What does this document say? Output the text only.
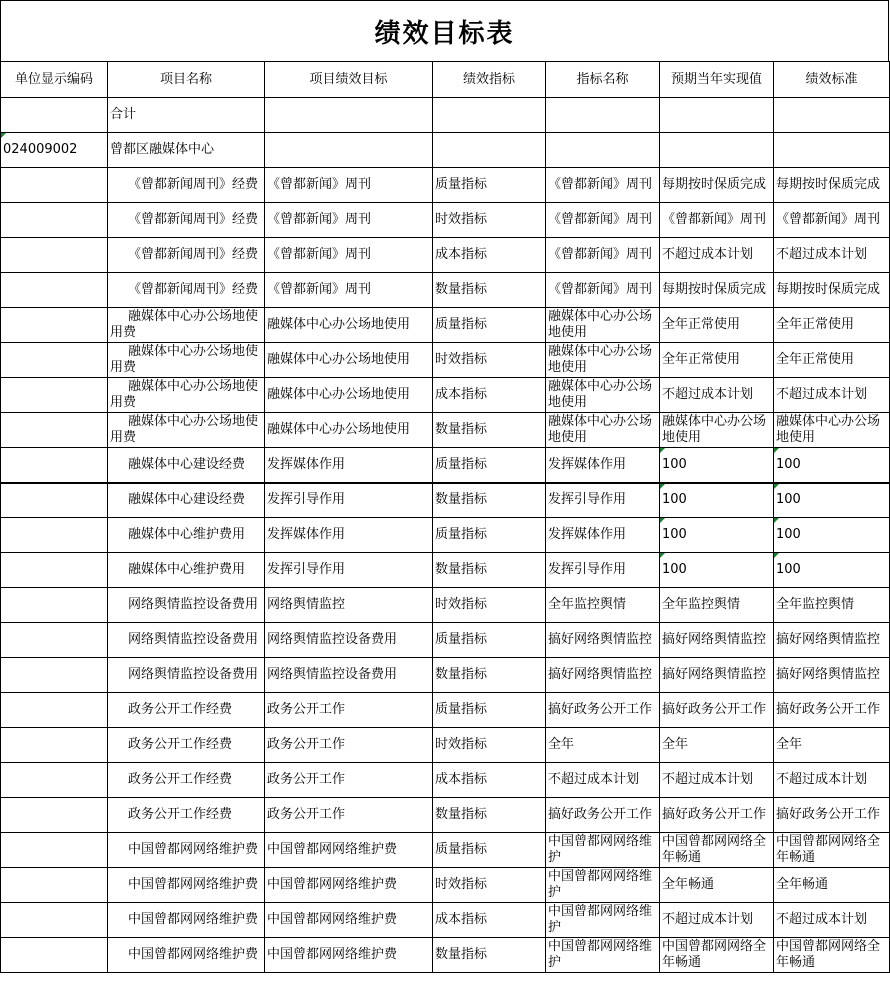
绩效目标表
单位显示编码	项目名称	项目绩效目标	绩效指标	指标名称	预期当年实现值	绩效标准
	合计					
024009002	曾都区融媒体中心					
	《曾都新闻周刊》经费	《曾都新闻》周刊	质量指标	《曾都新闻》周刊	每期按时保质完成	每期按时保质完成
	《曾都新闻周刊》经费	《曾都新闻》周刊	时效指标	《曾都新闻》周刊	《曾都新闻》周刊	《曾都新闻》周刊
	《曾都新闻周刊》经费	《曾都新闻》周刊	成本指标	《曾都新闻》周刊	不超过成本计划	不超过成本计划
	《曾都新闻周刊》经费	《曾都新闻》周刊	数量指标	《曾都新闻》周刊	每期按时保质完成	每期按时保质完成
	融媒体中心办公场地使用费	融媒体中心办公场地使用	质量指标	融媒体中心办公场地使用	全年正常使用	全年正常使用
	融媒体中心办公场地使用费	融媒体中心办公场地使用	时效指标	融媒体中心办公场地使用	全年正常使用	全年正常使用
	融媒体中心办公场地使用费	融媒体中心办公场地使用	成本指标	融媒体中心办公场地使用	不超过成本计划	不超过成本计划
	融媒体中心办公场地使用费	融媒体中心办公场地使用	数量指标	融媒体中心办公场地使用	融媒体中心办公场地使用	融媒体中心办公场地使用
	融媒体中心建设经费	发挥媒体作用	质量指标	发挥媒体作用	100	100
	融媒体中心建设经费	发挥引导作用	数量指标	发挥引导作用	100	100
	融媒体中心维护费用	发挥媒体作用	质量指标	发挥媒体作用	100	100
	融媒体中心维护费用	发挥引导作用	数量指标	发挥引导作用	100	100
	网络舆情监控设备费用	网络舆情监控	时效指标	全年监控舆情	全年监控舆情	全年监控舆情
	网络舆情监控设备费用	网络舆情监控设备费用	质量指标	搞好网络舆情监控	搞好网络舆情监控	搞好网络舆情监控
	网络舆情监控设备费用	网络舆情监控设备费用	数量指标	搞好网络舆情监控	搞好网络舆情监控	搞好网络舆情监控
	政务公开工作经费	政务公开工作	质量指标	搞好政务公开工作	搞好政务公开工作	搞好政务公开工作
	政务公开工作经费	政务公开工作	时效指标	全年	全年	全年
	政务公开工作经费	政务公开工作	成本指标	不超过成本计划	不超过成本计划	不超过成本计划
	政务公开工作经费	政务公开工作	数量指标	搞好政务公开工作	搞好政务公开工作	搞好政务公开工作
	中国曾都网网络维护费	中国曾都网网络维护费	质量指标	中国曾都网网络维护	中国曾都网网络全年畅通	中国曾都网网络全年畅通
	中国曾都网网络维护费	中国曾都网网络维护费	时效指标	中国曾都网网络维护	全年畅通	全年畅通
	中国曾都网网络维护费	中国曾都网网络维护费	成本指标	中国曾都网网络维护	不超过成本计划	不超过成本计划
	中国曾都网网络维护费	中国曾都网网络维护费	数量指标	中国曾都网网络维护	中国曾都网网络全年畅通	中国曾都网网络全年畅通
